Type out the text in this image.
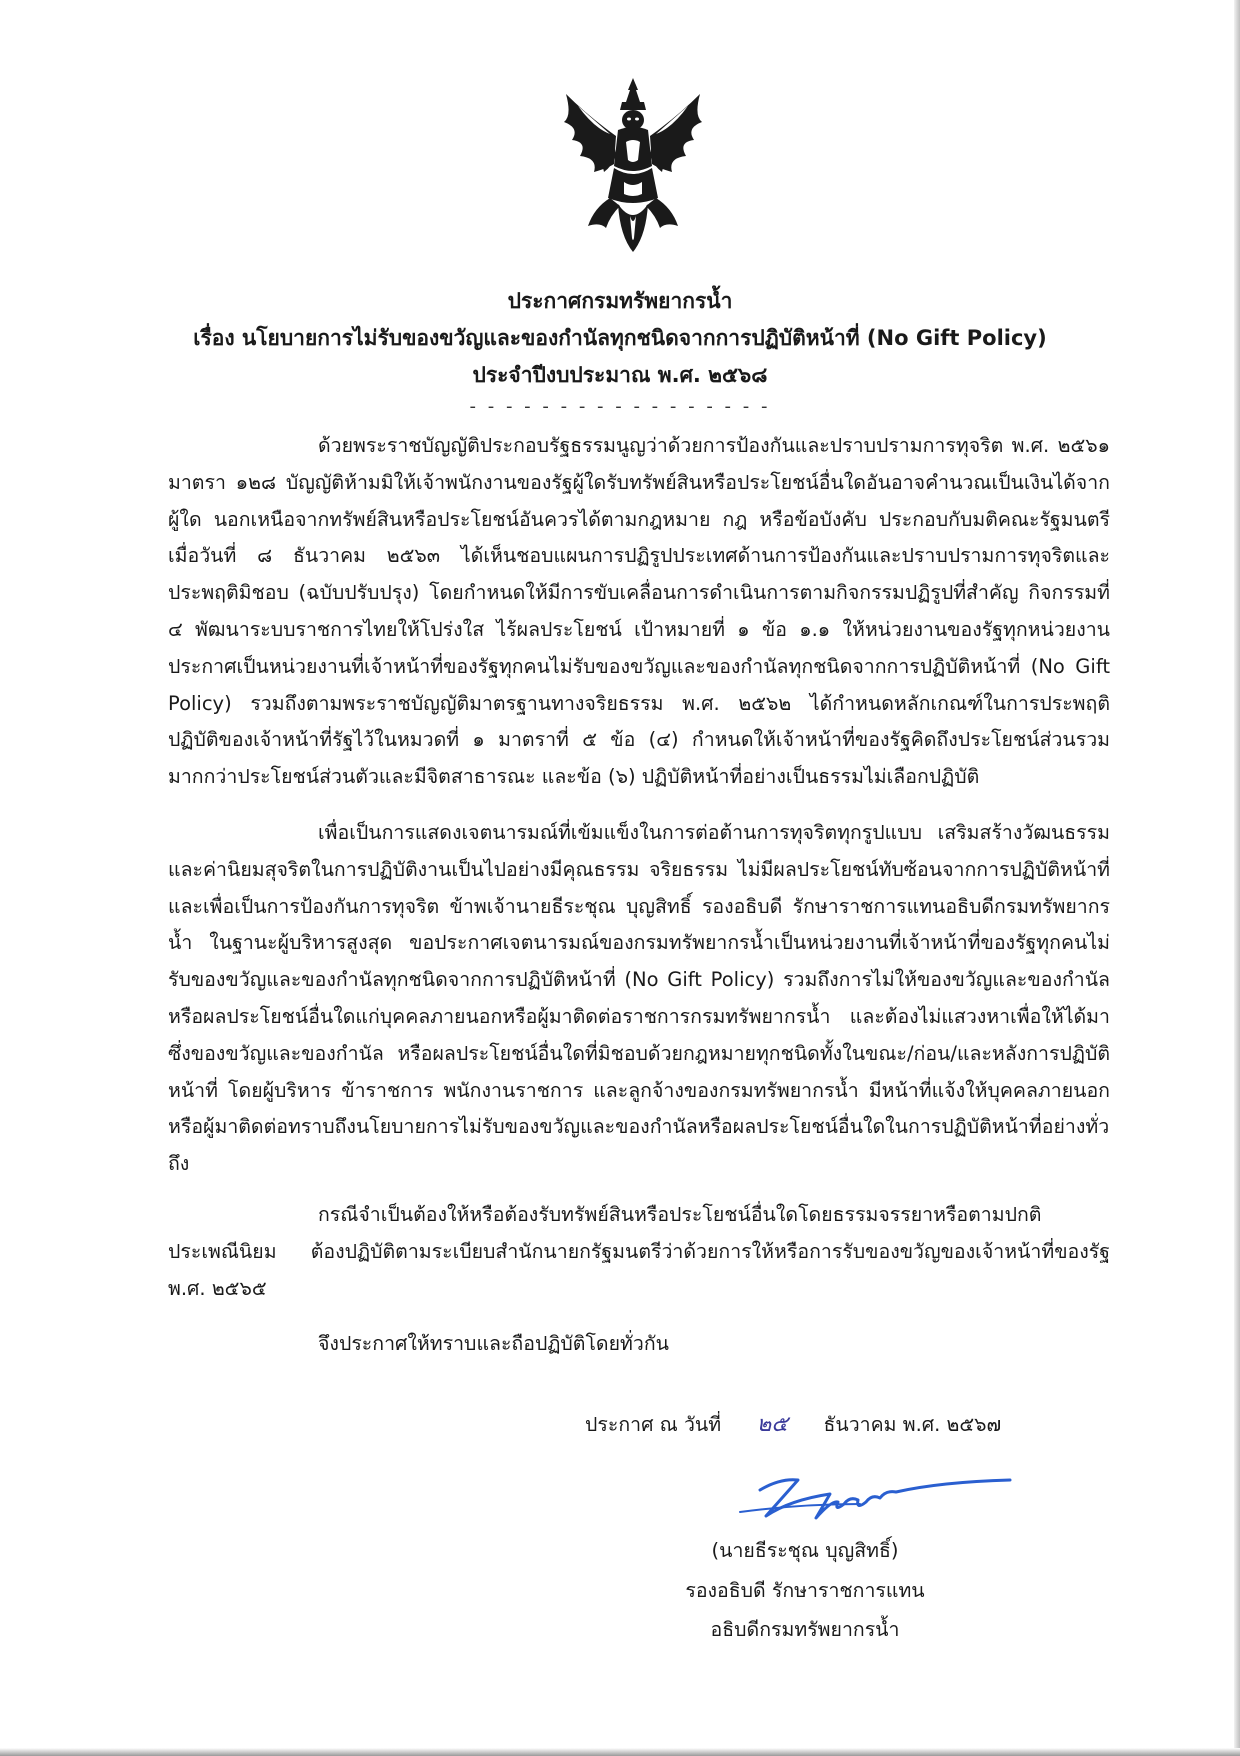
ประกาศกรมทรัพยากรน้ำ
เรื่อง นโยบายการไม่รับของขวัญและของกำนัลทุกชนิดจากการปฏิบัติหน้าที่ (No Gift Policy)
ประจำปีงบประมาณ พ.ศ. ๒๕๖๘
- - - - - - - - - - - - - - - - -

ด้วยพระราชบัญญัติประกอบรัฐธรรมนูญว่าด้วยการป้องกันและปราบปรามการทุจริต พ.ศ. ๒๕๖๑ มาตรา ๑๒๘ บัญญัติห้ามมิให้เจ้าพนักงานของรัฐผู้ใดรับทรัพย์สินหรือประโยชน์อื่นใดอันอาจคำนวณเป็นเงินได้จากผู้ใด นอกเหนือจากทรัพย์สินหรือประโยชน์อันควรได้ตามกฎหมาย กฎ หรือข้อบังคับ ประกอบกับมติคณะรัฐมนตรีเมื่อวันที่ ๘ ธันวาคม ๒๕๖๓ ได้เห็นชอบแผนการปฏิรูปประเทศด้านการป้องกันและปราบปรามการทุจริตและประพฤติมิชอบ (ฉบับปรับปรุง) โดยกำหนดให้มีการขับเคลื่อนการดำเนินการตามกิจกรรมปฏิรูปที่สำคัญ กิจกรรมที่ ๔ พัฒนาระบบราชการไทยให้โปร่งใส ไร้ผลประโยชน์ เป้าหมายที่ ๑ ข้อ ๑.๑ ให้หน่วยงานของรัฐทุกหน่วยงานประกาศเป็นหน่วยงานที่เจ้าหน้าที่ของรัฐทุกคนไม่รับของขวัญและของกำนัลทุกชนิดจากการปฏิบัติหน้าที่ (No Gift Policy) รวมถึงตามพระราชบัญญัติมาตรฐานทางจริยธรรม พ.ศ. ๒๕๖๒ ได้กำหนดหลักเกณฑ์ในการประพฤติปฏิบัติของเจ้าหน้าที่รัฐไว้ในหมวดที่ ๑ มาตราที่ ๕ ข้อ (๔) กำหนดให้เจ้าหน้าที่ของรัฐคิดถึงประโยชน์ส่วนรวมมากกว่าประโยชน์ส่วนตัวและมีจิตสาธารณะ และข้อ (๖) ปฏิบัติหน้าที่อย่างเป็นธรรมไม่เลือกปฏิบัติ

เพื่อเป็นการแสดงเจตนารมณ์ที่เข้มแข็งในการต่อต้านการทุจริตทุกรูปแบบ เสริมสร้างวัฒนธรรม และค่านิยมสุจริตในการปฏิบัติงานเป็นไปอย่างมีคุณธรรม จริยธรรม ไม่มีผลประโยชน์ทับซ้อนจากการปฏิบัติหน้าที่และเพื่อเป็นการป้องกันการทุจริต ข้าพเจ้านายธีระชุณ บุญสิทธิ์ รองอธิบดี รักษาราชการแทนอธิบดีกรมทรัพยากรน้ำ ในฐานะผู้บริหารสูงสุด ขอประกาศเจตนารมณ์ของกรมทรัพยากรน้ำเป็นหน่วยงานที่เจ้าหน้าที่ของรัฐทุกคนไม่รับของขวัญและของกำนัลทุกชนิดจากการปฏิบัติหน้าที่ (No Gift Policy) รวมถึงการไม่ให้ของขวัญและของกำนัล หรือผลประโยชน์อื่นใดแก่บุคคลภายนอกหรือผู้มาติดต่อราชการกรมทรัพยากรน้ำ และต้องไม่แสวงหาเพื่อให้ได้มาซึ่งของขวัญและของกำนัล หรือผลประโยชน์อื่นใดที่มิชอบด้วยกฎหมายทุกชนิดทั้งในขณะ/ก่อน/และหลังการปฏิบัติหน้าที่ โดยผู้บริหาร ข้าราชการ พนักงานราชการ และลูกจ้างของกรมทรัพยากรน้ำ มีหน้าที่แจ้งให้บุคคลภายนอกหรือผู้มาติดต่อทราบถึงนโยบายการไม่รับของขวัญและของกำนัลหรือผลประโยชน์อื่นใดในการปฏิบัติหน้าที่อย่างทั่วถึง

กรณีจำเป็นต้องให้หรือต้องรับทรัพย์สินหรือประโยชน์อื่นใดโดยธรรมจรรยาหรือตามปกติประเพณีนิยม ต้องปฏิบัติตามระเบียบสำนักนายกรัฐมนตรีว่าด้วยการให้หรือการรับของขวัญของเจ้าหน้าที่ของรัฐ พ.ศ. ๒๕๖๕

จึงประกาศให้ทราบและถือปฏิบัติโดยทั่วกัน

ประกาศ ณ วันที่ ๒๕ ธันวาคม พ.ศ. ๒๕๖๗
(นายธีระชุณ บุญสิทธิ์)
รองอธิบดี รักษาราชการแทน
อธิบดีกรมทรัพยากรน้ำ
